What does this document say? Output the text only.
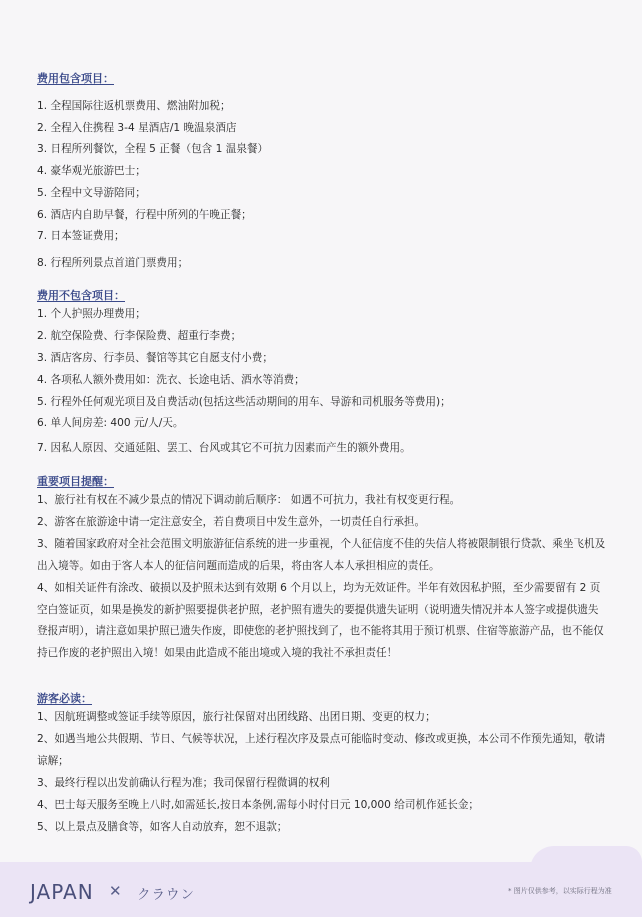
费用包含项目：
1. 全程国际往返机票费用、燃油附加税；
2. 全程入住携程 3-4 星酒店/1 晚温泉酒店
3. 日程所列餐饮，全程 5 正餐（包含 1 温泉餐）
4. 豪华观光旅游巴士；
5. 全程中文导游陪同；
6. 酒店内自助早餐，行程中所列的午晚正餐；
7. 日本签证费用；
8. 行程所列景点首道门票费用；
费用不包含项目：
1. 个人护照办理费用；
2. 航空保险费、行李保险费、超重行李费；
3. 酒店客房、行李员、餐馆等其它自愿支付小费；
4. 各项私人额外费用如：洗衣、长途电话、酒水等消费；
5. 行程外任何观光项目及自费活动(包括这些活动期间的用车、导游和司机服务等费用)；
6. 单人间房差: 400 元/人/天。
7. 因私人原因、交通延阻、罢工、台风或其它不可抗力因素而产生的额外费用。
重要项目提醒：
1、旅行社有权在不减少景点的情况下调动前后顺序： 如遇不可抗力，我社有权变更行程。
2、游客在旅游途中请一定注意安全，若自费项目中发生意外，一切责任自行承担。
3、随着国家政府对全社会范围文明旅游征信系统的进一步重视，个人征信度不佳的失信人将被限制银行贷款、乘坐飞机及出入境等。如由于客人本人的征信问题而造成的后果，将由客人本人承担相应的责任。
4、如相关证件有涂改、破损以及护照未达到有效期 6 个月以上，均为无效证件。半年有效因私护照，至少需要留有 2 页空白签证页，如果是换发的新护照要提供老护照，老护照有遗失的要提供遗失证明（说明遗失情况并本人签字或提供遗失登报声明），请注意如果护照已遗失作废，即使您的老护照找到了，也不能将其用于预订机票、住宿等旅游产品，也不能仅持已作废的老护照出入境！如果由此造成不能出境或入境的我社不承担责任！
游客必读：
1、因航班调整或签证手续等原因，旅行社保留对出团线路、出团日期、变更的权力；
2、如遇当地公共假期、节日、气候等状况，上述行程次序及景点可能临时变动、修改或更换，本公司不作预先通知，敬请谅解；
3、最终行程以出发前确认行程为准；我司保留行程微调的权利
4、巴士每天服务至晚上八时,如需延长,按日本条例,需每小时付日元 10,000 给司机作延长金；
5、以上景点及膳食等，如客人自动放弃，恕不退款；
JAPAN ✕ クラウン	* 图片仅供参考，以实际行程为准
